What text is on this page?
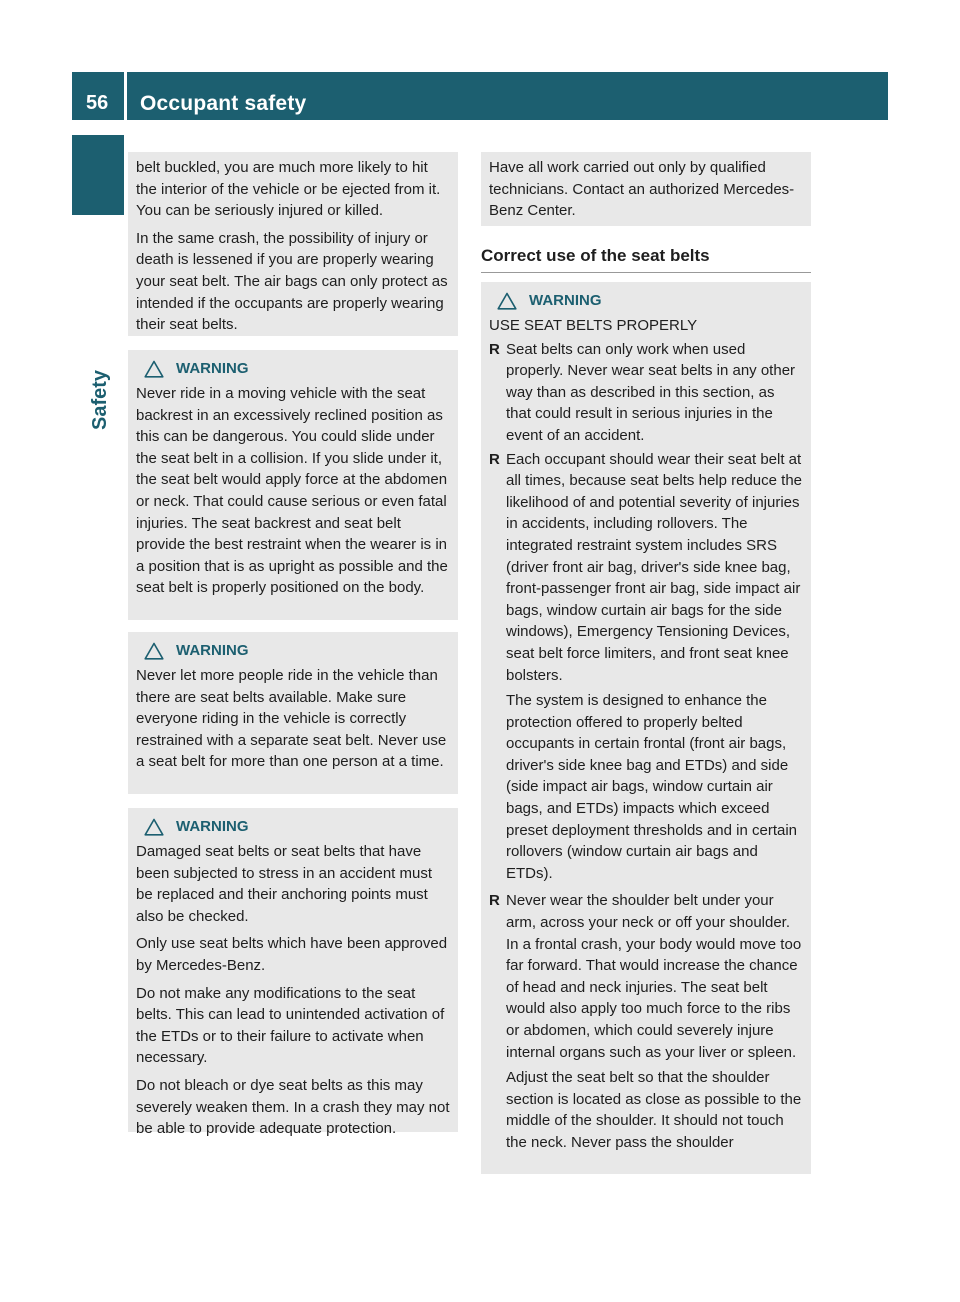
56	Occupant safety
Safety

belt buckled, you are much more likely to hit the interior of the vehicle or be ejected from it. You can be seriously injured or killed.

In the same crash, the possibility of injury or death is lessened if you are properly wearing your seat belt. The air bags can only protect as intended if the occupants are properly wearing their seat belts.

WARNING

Never ride in a moving vehicle with the seat backrest in an excessively reclined position as this can be dangerous. You could slide under the seat belt in a collision. If you slide under it, the seat belt would apply force at the abdomen or neck. That could cause serious or even fatal injuries. The seat backrest and seat belt provide the best restraint when the wearer is in a position that is as upright as possible and the seat belt is properly positioned on the body.

WARNING

Never let more people ride in the vehicle than there are seat belts available. Make sure everyone riding in the vehicle is correctly restrained with a separate seat belt. Never use a seat belt for more than one person at a time.

WARNING

Damaged seat belts or seat belts that have been subjected to stress in an accident must be replaced and their anchoring points must also be checked.

Only use seat belts which have been approved by Mercedes-Benz.

Do not make any modifications to the seat belts. This can lead to unintended activation of the ETDs or to their failure to activate when necessary.

Do not bleach or dye seat belts as this may severely weaken them. In a crash they may not be able to provide adequate protection.

Have all work carried out only by qualified technicians. Contact an authorized Mercedes-Benz Center.

Correct use of the seat belts
WARNING

USE SEAT BELTS PROPERLY

R Seat belts can only work when used properly. Never wear seat belts in any other way than as described in this section, as that could result in serious injuries in the event of an accident.
R Each occupant should wear their seat belt at all times, because seat belts help reduce the likelihood of and potential severity of injuries in accidents, including rollovers. The integrated restraint system includes SRS (driver front air bag, driver's side knee bag, front-passenger front air bag, side impact air bags, window curtain air bags for the side windows), Emergency Tensioning Devices, seat belt force limiters, and front seat knee bolsters.

The system is designed to enhance the protection offered to properly belted occupants in certain frontal (front air bags, driver's side knee bag and ETDs) and side (side impact air bags, window curtain air bags, and ETDs) impacts which exceed preset deployment thresholds and in certain rollovers (window curtain air bags and ETDs).

R Never wear the shoulder belt under your arm, across your neck or off your shoulder. In a frontal crash, your body would move too far forward. That would increase the chance of head and neck injuries. The seat belt would also apply too much force to the ribs or abdomen, which could severely injure internal organs such as your liver or spleen.

Adjust the seat belt so that the shoulder section is located as close as possible to the middle of the shoulder. It should not touch the neck. Never pass the shoulder
